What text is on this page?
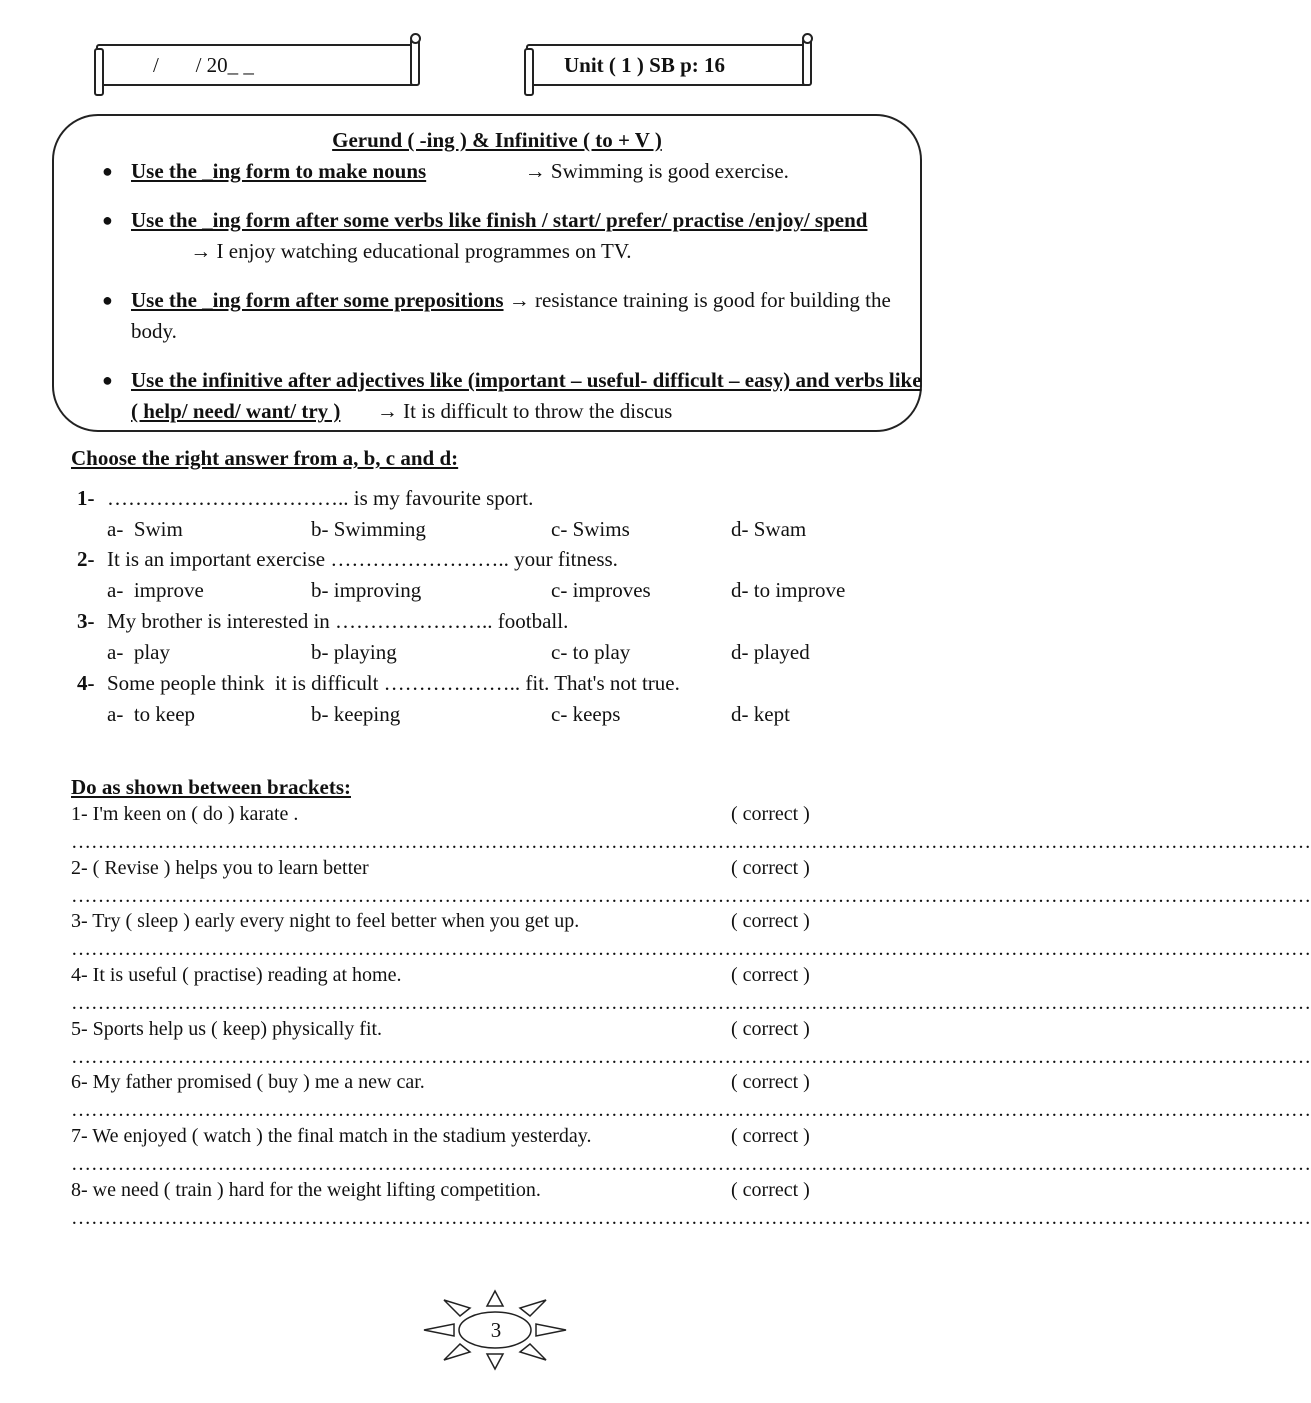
/       / 20_ _	Unit ( 1 ) SB p: 16
Gerund ( -ing ) & Infinitive ( to + V )
● Use the _ing form to make nouns	→ Swimming is good exercise.
● Use the _ing form after some verbs like finish / start/ prefer/ practise /enjoy/ spend  → I enjoy watching educational programmes on TV.
● Use the _ing form after some prepositions → resistance training is good for building the body.
● Use the infinitive after adjectives like (important – useful- difficult – easy) and verbs like ( help/ need/ want/ try ) → It is difficult to throw the discus
Choose the right answer from a, b, c and d:
1- …………………………….. is my favourite sport.
a-  Swim	b- Swimming	c- Swims	d- Swam
2- It is an important exercise …………………….. your fitness.
a-  improve	b- improving	c- improves	d- to improve
3- My brother is interested in ………………….. football.
a-  play	b- playing	c- to play	d- played
4- Some people think  it is difficult ……………….. fit. That's not true.
a-  to keep	b- keeping	c- keeps	d- kept
Do as shown between brackets:
1- I'm keen on ( do ) karate .	( correct )
……………………………………………………………………………………………………………………………………………………………………
2- ( Revise ) helps you to learn better	( correct )
……………………………………………………………………………………………………………………………………………………………………
3- Try ( sleep ) early every night to feel better when you get up.	( correct )
……………………………………………………………………………………………………………………………………………………………………
4- It is useful ( practise) reading at home.	( correct )
……………………………………………………………………………………………………………………………………………………………………
5- Sports help us ( keep) physically fit.	( correct )
……………………………………………………………………………………………………………………………………………………………………
6- My father promised ( buy ) me a new car.	( correct )
……………………………………………………………………………………………………………………………………………………………………
7- We enjoyed ( watch ) the final match in the stadium yesterday.	( correct )
……………………………………………………………………………………………………………………………………………………………………
8- we need ( train ) hard for the weight lifting competition.	( correct )
……………………………………………………………………………………………………………………………………………………………………
3
